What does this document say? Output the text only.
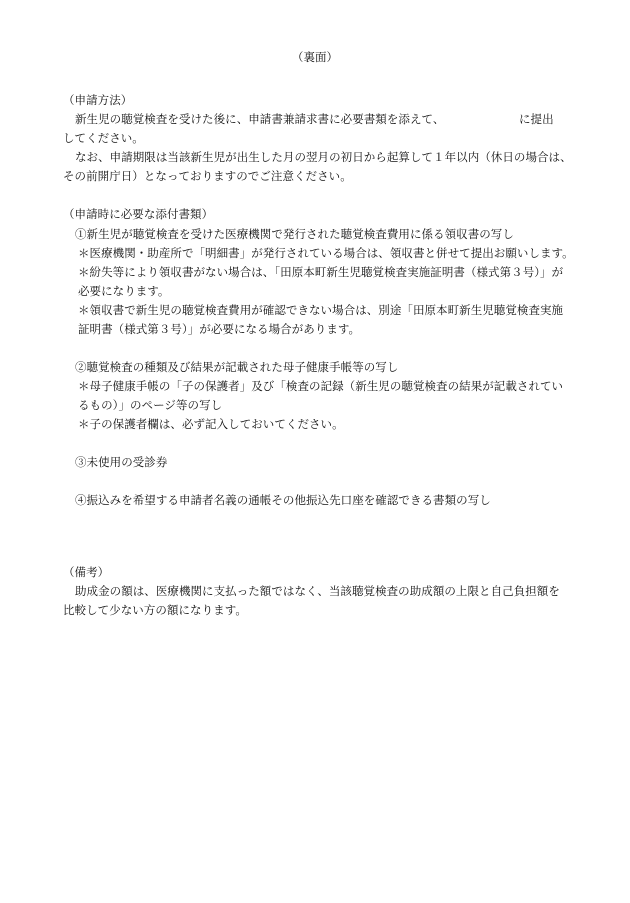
（裏面）
（申請方法）
新生児の聴覚検査を受けた後に、申請書兼請求書に必要書類を添えて、	に提出
してください。
なお、申請期限は当該新生児が出生した月の翌月の初日から起算して１年以内（休日の場合は、
その前開庁日）となっておりますのでご注意ください。
（申請時に必要な添付書類）
①新生児が聴覚検査を受けた医療機関で発行された聴覚検査費用に係る領収書の写し
＊医療機関・助産所で「明細書」が発行されている場合は、領収書と併せて提出お願いします。
＊紛失等により領収書がない場合は、「田原本町新生児聴覚検査実施証明書（様式第３号）」が
必要になります。
＊領収書で新生児の聴覚検査費用が確認できない場合は、別途「田原本町新生児聴覚検査実施
証明書（様式第３号）」が必要になる場合があります。
②聴覚検査の種類及び結果が記載された母子健康手帳等の写し
＊母子健康手帳の「子の保護者」及び「検査の記録（新生児の聴覚検査の結果が記載されてい
るもの）」のページ等の写し
＊子の保護者欄は、必ず記入しておいてください。
③未使用の受診券
④振込みを希望する申請者名義の通帳その他振込先口座を確認できる書類の写し
（備考）
助成金の額は、医療機関に支払った額ではなく、当該聴覚検査の助成額の上限と自己負担額を
比較して少ない方の額になります。
